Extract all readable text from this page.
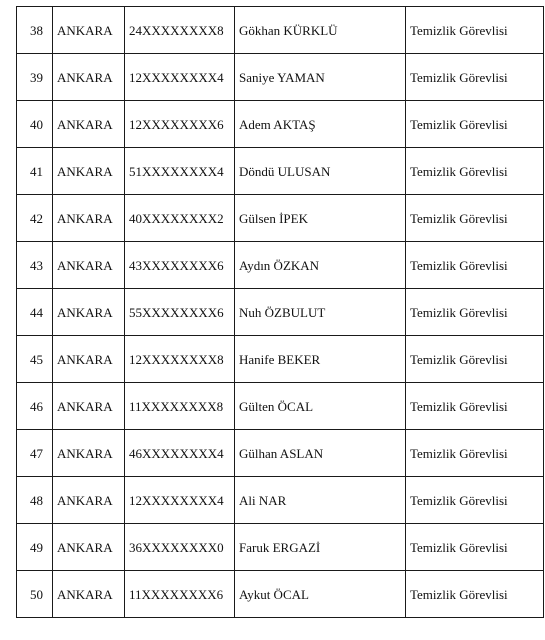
38	ANKARA	24XXXXXXXX8	Gökhan KÜRKLÜ	Temizlik Görevlisi
39	ANKARA	12XXXXXXXX4	Saniye YAMAN	Temizlik Görevlisi
40	ANKARA	12XXXXXXXX6	Adem AKTAŞ	Temizlik Görevlisi
41	ANKARA	51XXXXXXXX4	Döndü ULUSAN	Temizlik Görevlisi
42	ANKARA	40XXXXXXXX2	Gülsen İPEK	Temizlik Görevlisi
43	ANKARA	43XXXXXXXX6	Aydın ÖZKAN	Temizlik Görevlisi
44	ANKARA	55XXXXXXXX6	Nuh ÖZBULUT	Temizlik Görevlisi
45	ANKARA	12XXXXXXXX8	Hanife BEKER	Temizlik Görevlisi
46	ANKARA	11XXXXXXXX8	Gülten ÖCAL	Temizlik Görevlisi
47	ANKARA	46XXXXXXXX4	Gülhan ASLAN	Temizlik Görevlisi
48	ANKARA	12XXXXXXXX4	Ali NAR	Temizlik Görevlisi
49	ANKARA	36XXXXXXXX0	Faruk ERGAZİ	Temizlik Görevlisi
50	ANKARA	11XXXXXXXX6	Aykut ÖCAL	Temizlik Görevlisi
